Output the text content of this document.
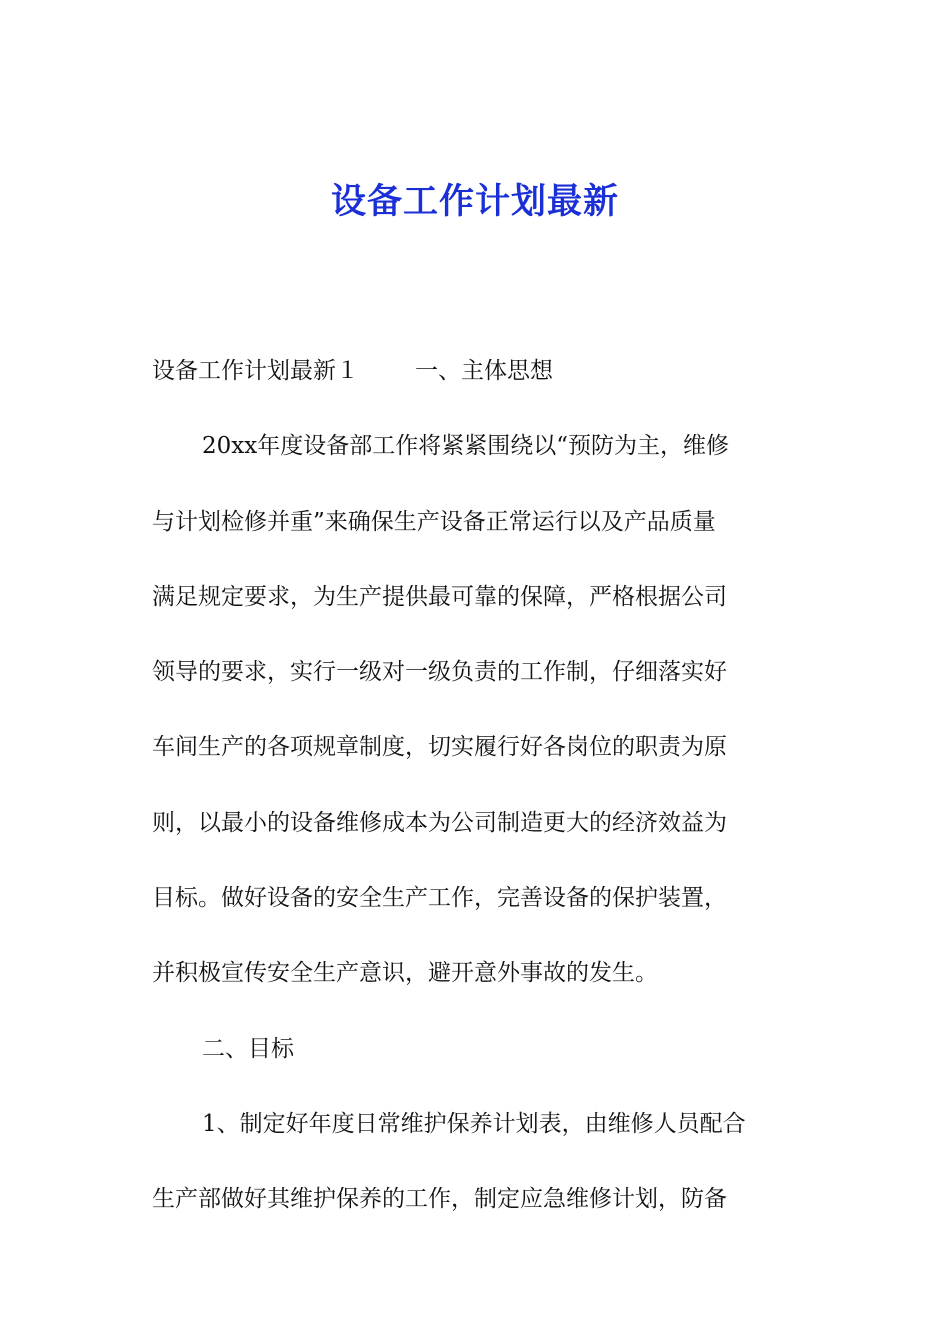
设备工作计划最新
设备工作计划最新１ 一、主体思想
20xx年度设备部工作将紧紧围绕以“预防为主，维修
与计划检修并重”来确保生产设备正常运行以及产品质量
满足规定要求，为生产提供最可靠的保障，严格根据公司
领导的要求，实行一级对一级负责的工作制，仔细落实好
车间生产的各项规章制度，切实履行好各岗位的职责为原
则，以最小的设备维修成本为公司制造更大的经济效益为
目标。做好设备的安全生产工作，完善设备的保护装置，
并积极宣传安全生产意识，避开意外事故的发生。
二、目标
1、制定好年度日常维护保养计划表，由维修人员配合
生产部做好其维护保养的工作，制定应急维修计划，防备
